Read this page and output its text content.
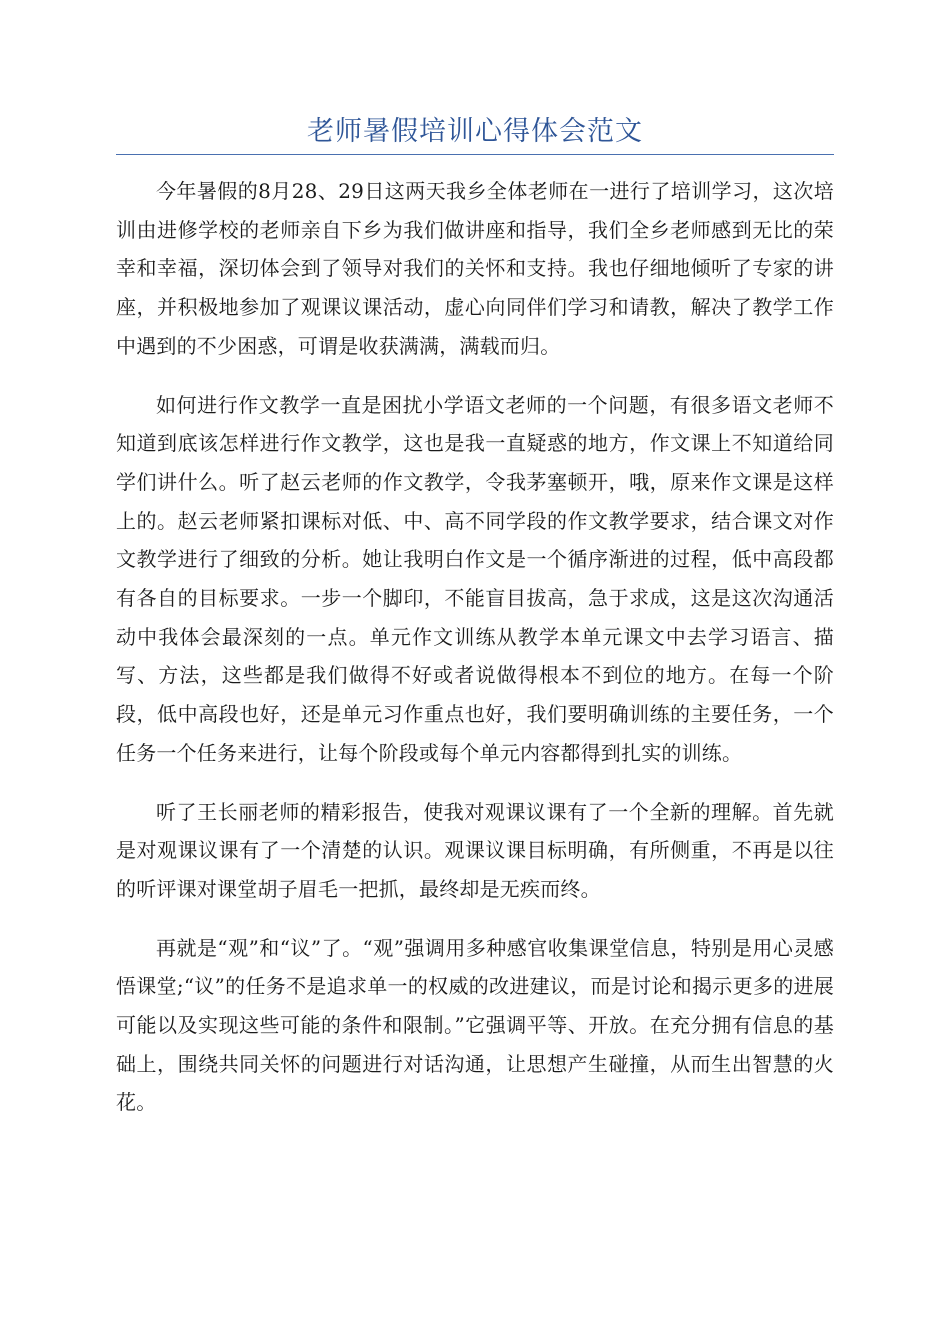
老师暑假培训心得体会范文

今年暑假的8月28、29日这两天我乡全体老师在一进行了培训学习，这次培训由进修学校的老师亲自下乡为我们做讲座和指导，我们全乡老师感到无比的荣幸和幸福，深切体会到了领导对我们的关怀和支持。我也仔细地倾听了专家的讲座，并积极地参加了观课议课活动，虚心向同伴们学习和请教，解决了教学工作中遇到的不少困惑，可谓是收获满满，满载而归。

如何进行作文教学一直是困扰小学语文老师的一个问题，有很多语文老师不知道到底该怎样进行作文教学，这也是我一直疑惑的地方，作文课上不知道给同学们讲什么。听了赵云老师的作文教学，令我茅塞顿开，哦，原来作文课是这样上的。赵云老师紧扣课标对低、中、高不同学段的作文教学要求，结合课文对作文教学进行了细致的分析。她让我明白作文是一个循序渐进的过程，低中高段都有各自的目标要求。一步一个脚印，不能盲目拔高，急于求成，这是这次沟通活动中我体会最深刻的一点。单元作文训练从教学本单元课文中去学习语言、描写、方法，这些都是我们做得不好或者说做得根本不到位的地方。在每一个阶段，低中高段也好，还是单元习作重点也好，我们要明确训练的主要任务，一个任务一个任务来进行，让每个阶段或每个单元内容都得到扎实的训练。

听了王长丽老师的精彩报告，使我对观课议课有了一个全新的理解。首先就是对观课议课有了一个清楚的认识。观课议课目标明确，有所侧重，不再是以往的听评课对课堂胡子眉毛一把抓，最终却是无疾而终。

再就是“观”和“议”了。“观”强调用多种感官收集课堂信息，特别是用心灵感悟课堂;“议”的任务不是追求单一的权威的改进建议，而是讨论和揭示更多的进展可能以及实现这些可能的条件和限制。”它强调平等、开放。在充分拥有信息的基础上，围绕共同关怀的问题进行对话沟通，让思想产生碰撞，从而生出智慧的火花。
